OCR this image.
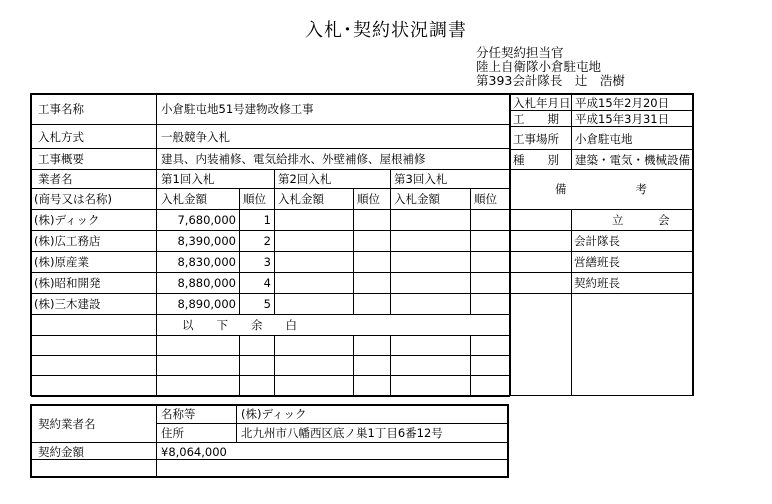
入札･契約状況調書
分任契約担当官
陸上自衛隊小倉駐屯地
第393会計隊長　辻　浩樹
工事名称	小倉駐屯地51号建物改修工事
入札方式	一般競争入札
工事概要	建具、内装補修、電気給排水、外壁補修、屋根補修
業者名	第1回入札	第2回入札	第3回入札
(商号又は名称)	入札金額	順位 入札金額	順位 入札金額	順位
(株)ディック	7,680,000	1
(株)広工務店	8,390,000	2
(株)原産業	8,830,000	3
(株)昭和開発	8,880,000	4
(株)三木建設	8,890,000	5
以　　下　　余　　白
入札年月日 平成15年2月20日
工　　期 平成15年3月31日
工事場所 小倉駐屯地
種　　別 建築・電気・機械設備
備　　　　　　考
立　　　会
会計隊長
営繕班長
契約班長
契約業者名
名称等	(株)ディック
住所	北九州市八幡西区底ノ巣1丁目6番12号
契約金額	¥8,064,000
